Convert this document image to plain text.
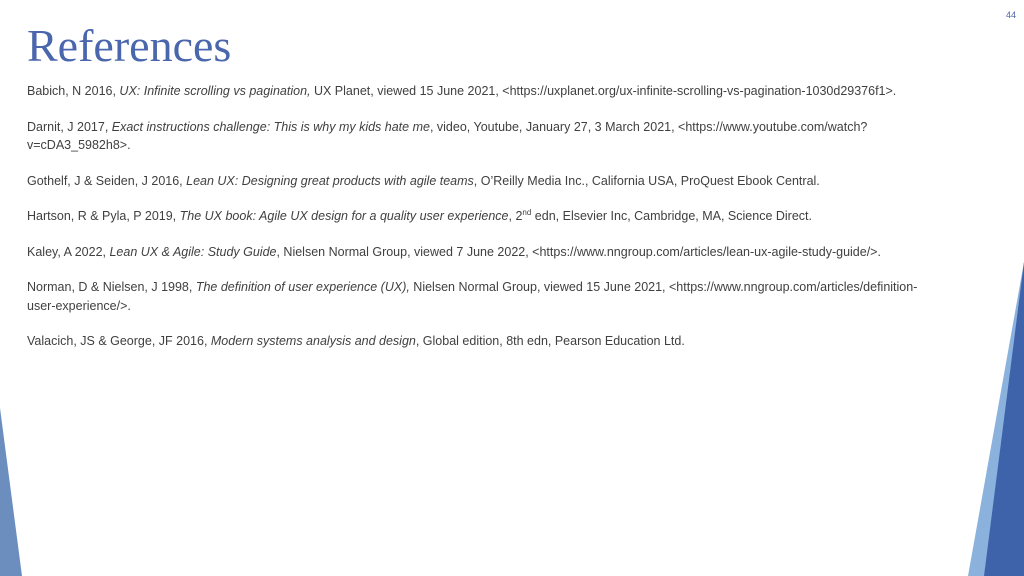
44
References
Babich, N 2016, UX: Infinite scrolling vs pagination, UX Planet, viewed 15 June 2021, <https://uxplanet.org/ux-infinite-scrolling-vs-pagination-1030d29376f1>.
Darnit, J 2017, Exact instructions challenge: This is why my kids hate me, video, Youtube, January 27, 3 March 2021, <https://www.youtube.com/watch?v=cDA3_5982h8>.
Gothelf, J & Seiden, J 2016, Lean UX: Designing great products with agile teams, O’Reilly Media Inc., California USA, ProQuest Ebook Central.
Hartson, R & Pyla, P 2019, The UX book: Agile UX design for a quality user experience, 2nd edn, Elsevier Inc, Cambridge, MA, Science Direct.
Kaley, A 2022, Lean UX & Agile: Study Guide, Nielsen Normal Group, viewed 7 June 2022, <https://www.nngroup.com/articles/lean-ux-agile-study-guide/>.
Norman, D & Nielsen, J 1998, The definition of user experience (UX), Nielsen Normal Group, viewed 15 June 2021, <https://www.nngroup.com/articles/definition-user-experience/>.
Valacich, JS & George, JF 2016, Modern systems analysis and design, Global edition, 8th edn, Pearson Education Ltd.
